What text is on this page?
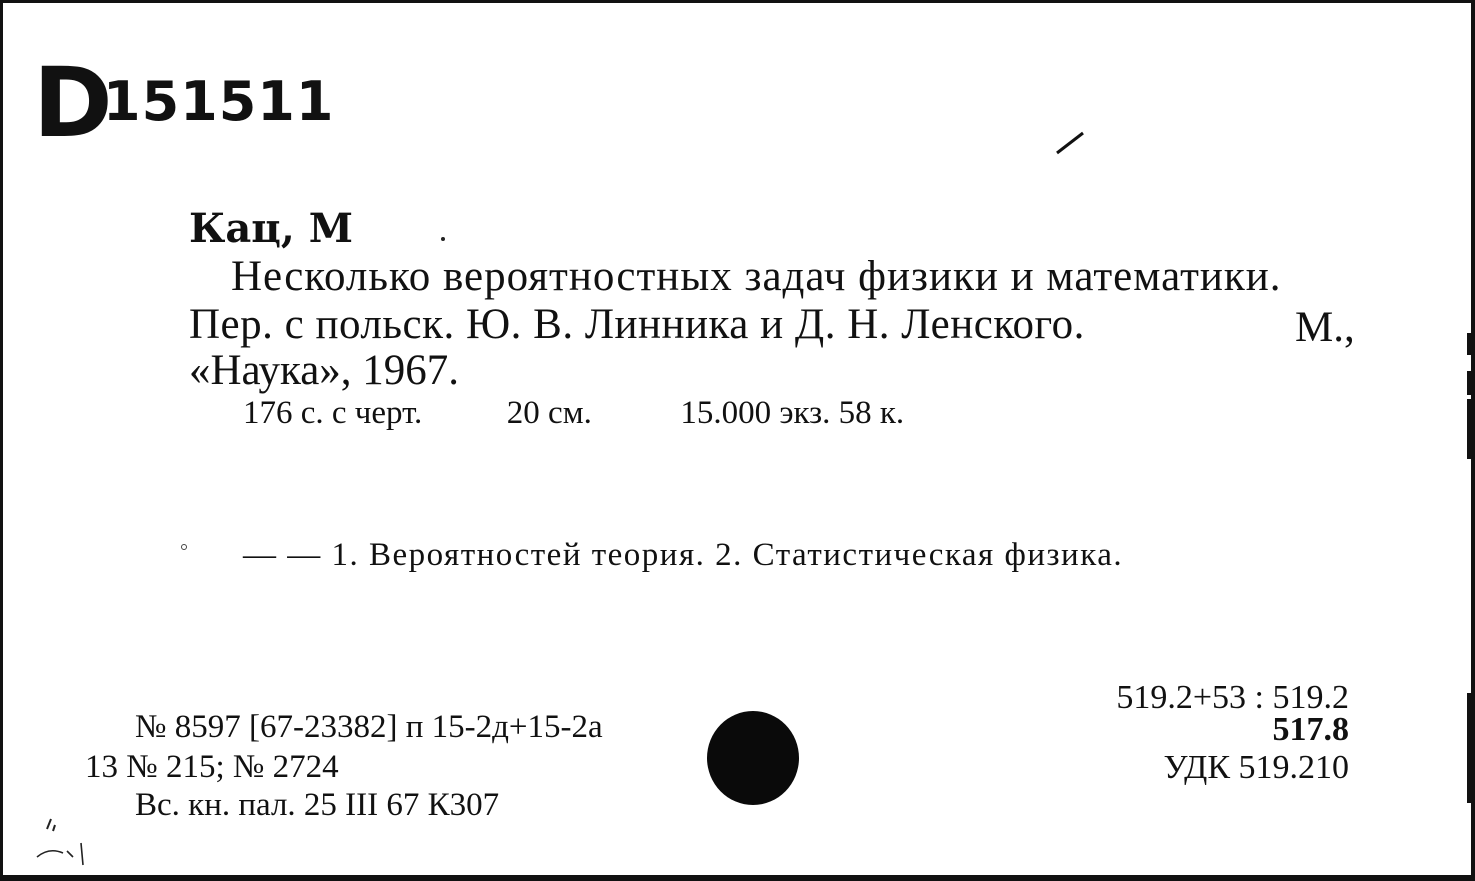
D
151511
Кац, М
Несколько вероятностных задач физики и математики.
Пер. с польск. Ю. В. Линника и Д. Н. Ленского.	М.,
«Наука», 1967.
176 с. с черт.	20 см.	15.000 экз. 58 к.
— — 1. Вероятностей теория. 2. Статистическая физика.
№ 8597 [67-23382] п 15-2д+15-2а
13 № 215; № 2724
Вс. кн. пал. 25 III 67 К307
519.2+53 : 519.2
517.8
УДК 519.210
